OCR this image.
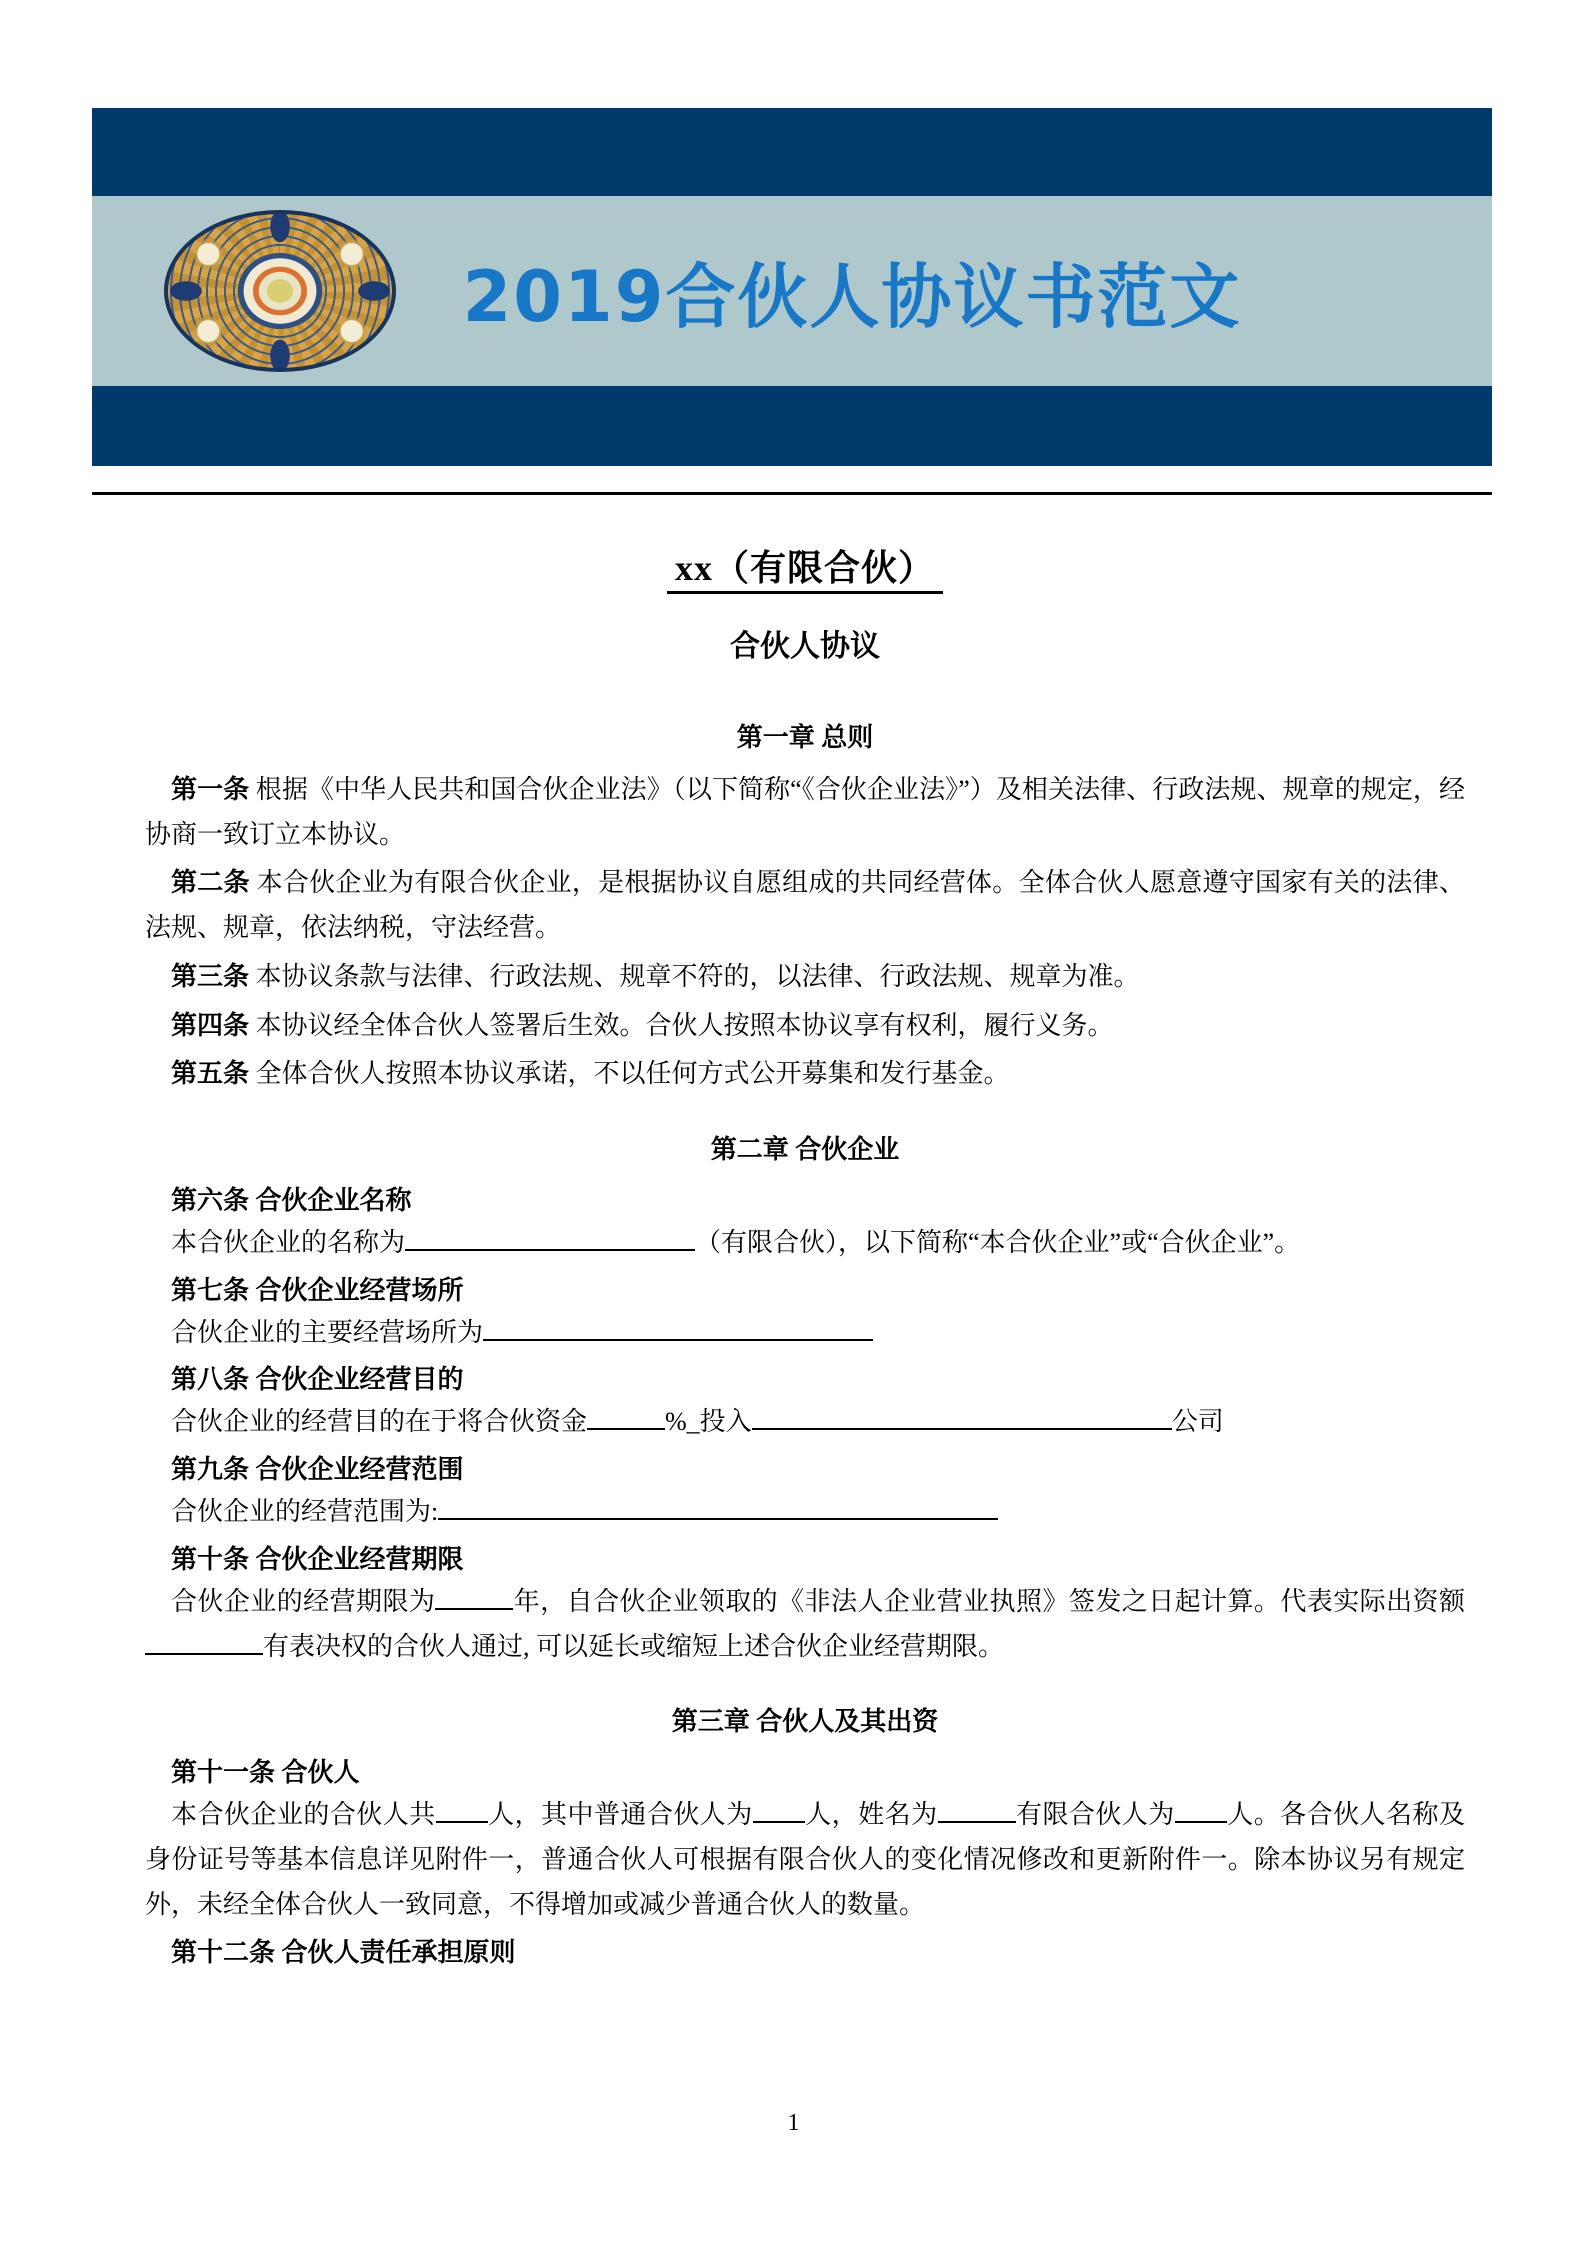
2019合伙人协议书范文
xx（有限合伙）
合伙人协议
第一章 总则

第一条 根据《中华人民共和国合伙企业法》（以下简称“《合伙企业法》”）及相关法律、行政法规、规章的规定，经协商一致订立本协议。

第二条 本合伙企业为有限合伙企业，是根据协议自愿组成的共同经营体。全体合伙人愿意遵守国家有关的法律、法规、规章，依法纳税，守法经营。

第三条 本协议条款与法律、行政法规、规章不符的，以法律、行政法规、规章为准。

第四条 本协议经全体合伙人签署后生效。合伙人按照本协议享有权利，履行义务。

第五条 全体合伙人按照本协议承诺，不以任何方式公开募集和发行基金。

第二章 合伙企业

第六条 合伙企业名称

本合伙企业的名称为	（有限合伙），以下简称“本合伙企业”或“合伙企业”。

第七条 合伙企业经营场所

合伙企业的主要经营场所为

第八条 合伙企业经营目的

合伙企业的经营目的在于将合伙资金	%_投入	公司

第九条 合伙企业经营范围

合伙企业的经营范围为:

第十条 合伙企业经营期限

合伙企业的经营期限为	年，自合伙企业领取的《非法人企业营业执照》签发之日起计算。代表实际出资额有表决权的合伙人通过, 可以延长或缩短上述合伙企业经营期限。

第三章 合伙人及其出资

第十一条 合伙人

本合伙企业的合伙人共 人，其中普通合伙人为 人，姓名为	有限合伙人为 人。各合伙人名称及身份证号等基本信息详见附件一，普通合伙人可根据有限合伙人的变化情况修改和更新附件一。除本协议另有规定外，未经全体合伙人一致同意，不得增加或减少普通合伙人的数量。

第十二条 合伙人责任承担原则

1
